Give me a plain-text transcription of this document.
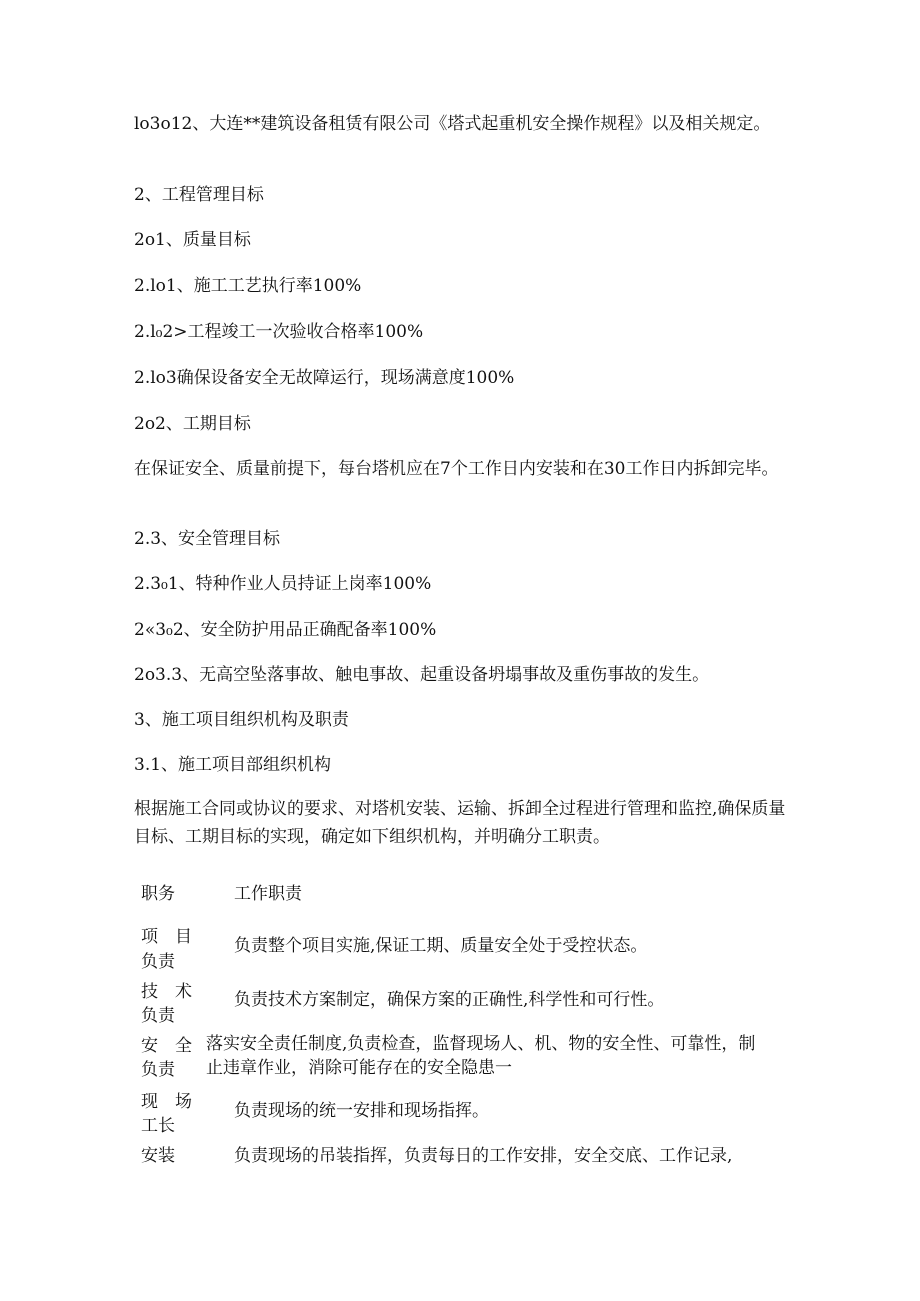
lo3o12、大连**建筑设备租赁有限公司《塔式起重机安全操作规程》以及相关规定。

2、工程管理目标

2o1、质量目标

2.lo1、施工工艺执行率100%

2.l₀2>工程竣工一次验收合格率100%

2.lo3确保设备安全无故障运行，现场满意度100%

2o2、工期目标

在保证安全、质量前提下，每台塔机应在7个工作日内安装和在30工作日内拆卸完毕。

2.3、安全管理目标

2.3₀1、特种作业人员持证上岗率100%

2«3₀2、安全防护用品正确配备率100%

2o3.3、无高空坠落事故、触电事故、起重设备坍塌事故及重伤事故的发生。

3、施工项目组织机构及职责

3.1、施工项目部组织机构

根据施工合同或协议的要求、对塔机安装、运输、拆卸全过程进行管理和监控,确保质量目标、工期目标的实现，确定如下组织机构，并明确分工职责。

职务	工作职责

项　目

负责

负责整个项目实施,保证工期、质量安全处于受控状态。

技　术

负责

负责技术方案制定，确保方案的正确性,科学性和可行性。

安　全

负责

落实安全责任制度,负责检查，监督现场人、机、物的安全性、可靠性，制止违章作业，消除可能存在的安全隐患一

现　场

工长

负责现场的统一安排和现场指挥。

安装	负责现场的吊装指挥，负责每日的工作安排，安全交底、工作记录,
